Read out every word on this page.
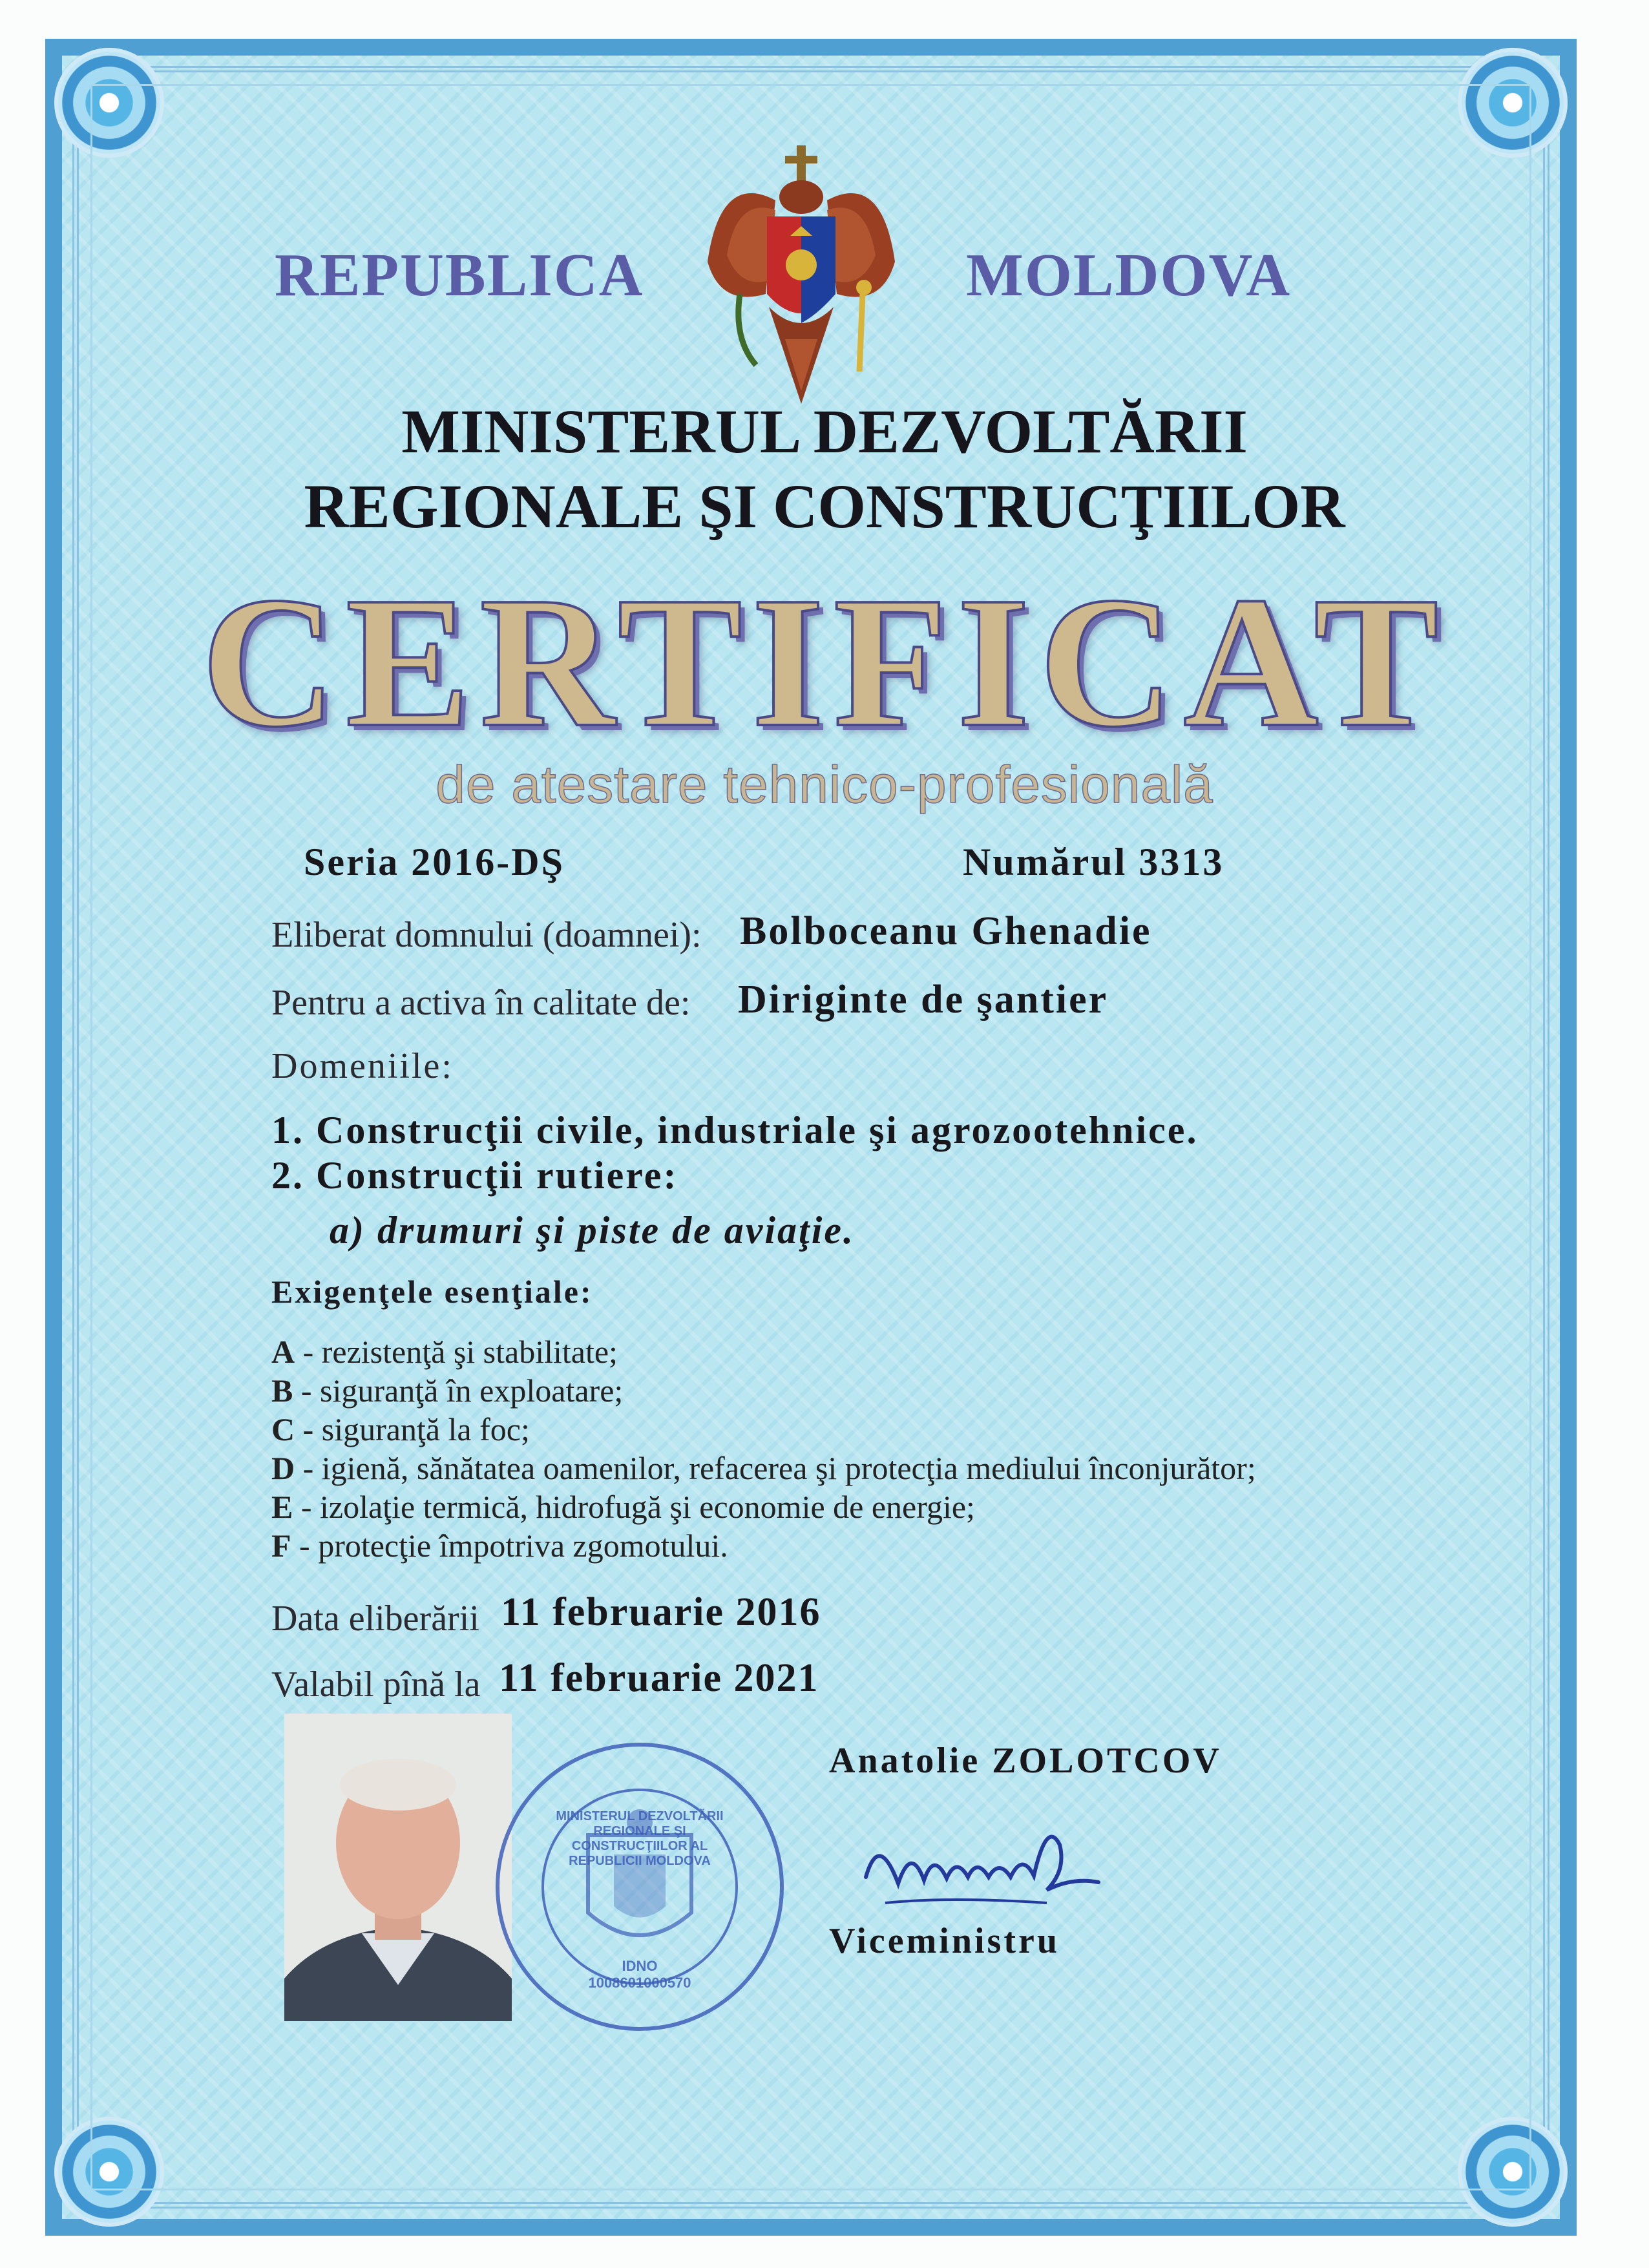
REPUBLICA	MOLDOVA
MINISTERUL DEZVOLTĂRII
REGIONALE ŞI CONSTRUCŢIILOR
CERTIFICAT
de atestare tehnico-profesională
Seria 2016-DŞ	Numărul 3313
Eliberat domnului (doamnei): Bolboceanu Ghenadie
Pentru a activa în calitate de: Diriginte de şantier
Domeniile:
1. Construcţii civile, industriale şi agrozootehnice.
2. Construcţii rutiere:
a) drumuri şi piste de aviaţie.
Exigenţele esenţiale:
A - rezistenţă şi stabilitate;
B - siguranţă în exploatare;
C - siguranţă la foc;
D - igienă, sănătatea oamenilor, refacerea şi protecţia mediului înconjurător;
E - izolaţie termică, hidrofugă şi economie de energie;
F - protecţie împotriva zgomotului.
Data eliberării 11 februarie 2016
Valabil pînă la 11 februarie 2021
MINISTERUL DEZVOLTĂRII REGIONALE ŞI CONSTRUCŢIILOR AL REPUBLICII MOLDOVA
IDNO 1008601000570
Anatolie ZOLOTCOV
Viceministru
